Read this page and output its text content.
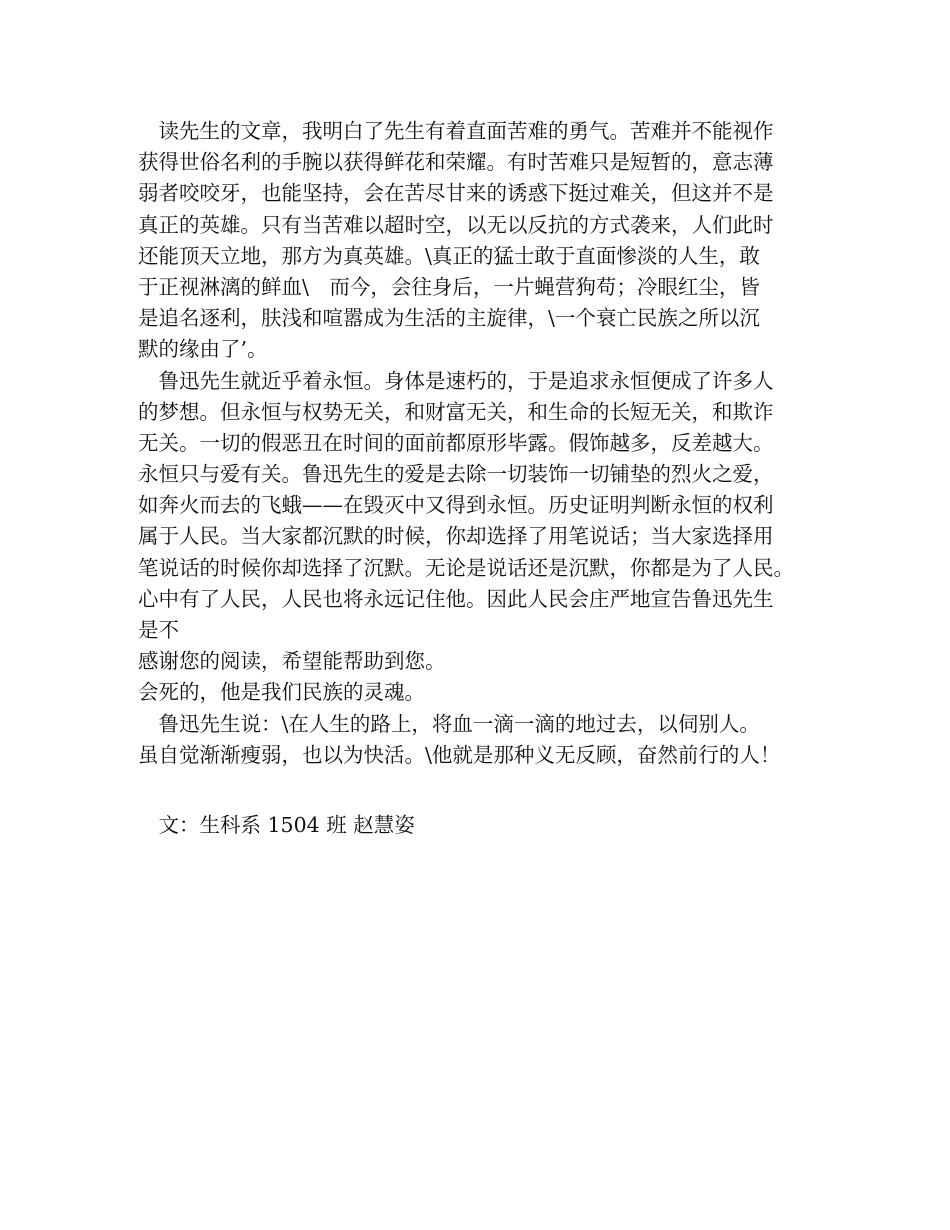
　读先生的文章，我明白了先生有着直面苦难的勇气。苦难并不能视作
获得世俗名利的手腕以获得鲜花和荣耀。有时苦难只是短暂的，意志薄
弱者咬咬牙，也能坚持，会在苦尽甘来的诱惑下挺过难关，但这并不是
真正的英雄。只有当苦难以超时空，以无以反抗的方式袭来，人们此时
还能顶天立地，那方为真英雄。\真正的猛士敢于直面惨淡的人生，敢
于正视淋漓的鲜血\　而今，会往身后，一片蝇营狗苟；冷眼红尘，皆
是追名逐利，肤浅和喧嚣成为生活的主旋律，\一个衰亡民族之所以沉
默的缘由了’。
　鲁迅先生就近乎着永恒。身体是速朽的，于是追求永恒便成了许多人
的梦想。但永恒与权势无关，和财富无关，和生命的长短无关，和欺诈
无关。一切的假恶丑在时间的面前都原形毕露。假饰越多，反差越大。
永恒只与爱有关。鲁迅先生的爱是去除一切装饰一切铺垫的烈火之爱，
如奔火而去的飞蛾——在毁灭中又得到永恒。历史证明判断永恒的权利
属于人民。当大家都沉默的时候，你却选择了用笔说话；当大家选择用
笔说话的时候你却选择了沉默。无论是说话还是沉默，你都是为了人民。
心中有了人民，人民也将永远记住他。因此人民会庄严地宣告鲁迅先生
是不
感谢您的阅读，希望能帮助到您。
会死的，他是我们民族的灵魂。
　鲁迅先生说：\在人生的路上，将血一滴一滴的地过去，以伺别人。
虽自觉渐渐瘦弱，也以为快活。\他就是那种义无反顾，奋然前行的人！
　文：生科系 1504 班 赵慧姿
